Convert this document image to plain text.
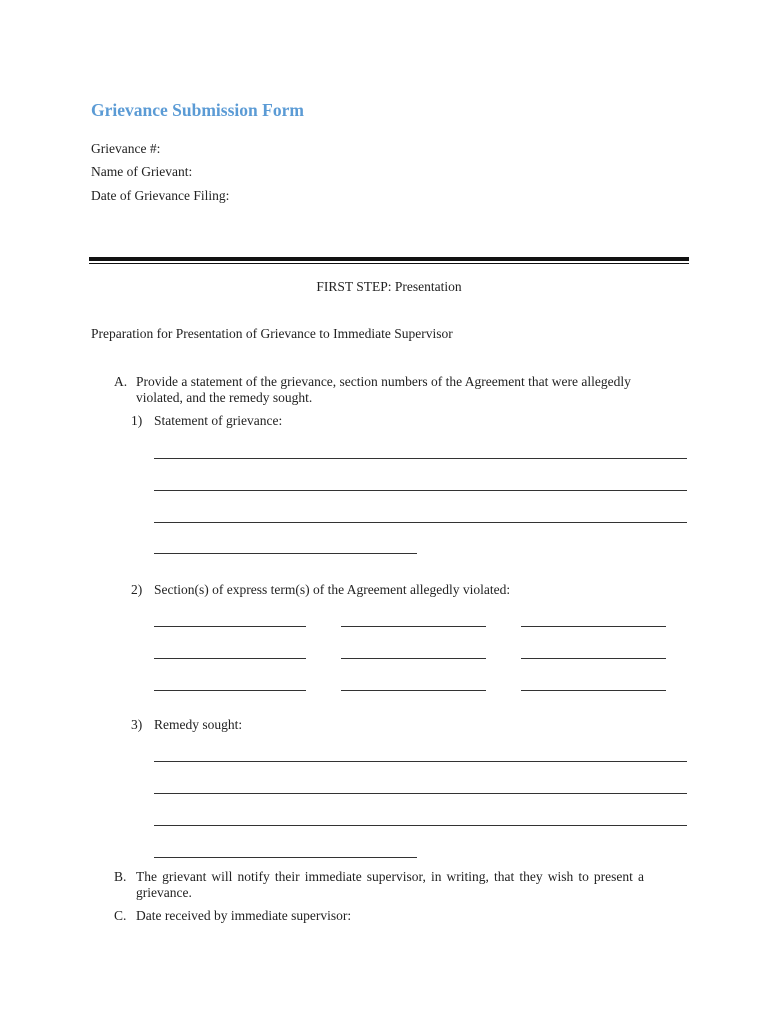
Grievance Submission Form
Grievance #:
Name of Grievant:
Date of Grievance Filing:
FIRST STEP: Presentation
Preparation for Presentation of Grievance to Immediate Supervisor
A. Provide a statement of the grievance, section numbers of the Agreement that were allegedly violated, and the remedy sought.
1) Statement of grievance:
2) Section(s) of express term(s) of the Agreement allegedly violated:
3) Remedy sought:
B. The grievant will notify their immediate supervisor, in writing, that they wish to present a grievance.
C. Date received by immediate supervisor:
